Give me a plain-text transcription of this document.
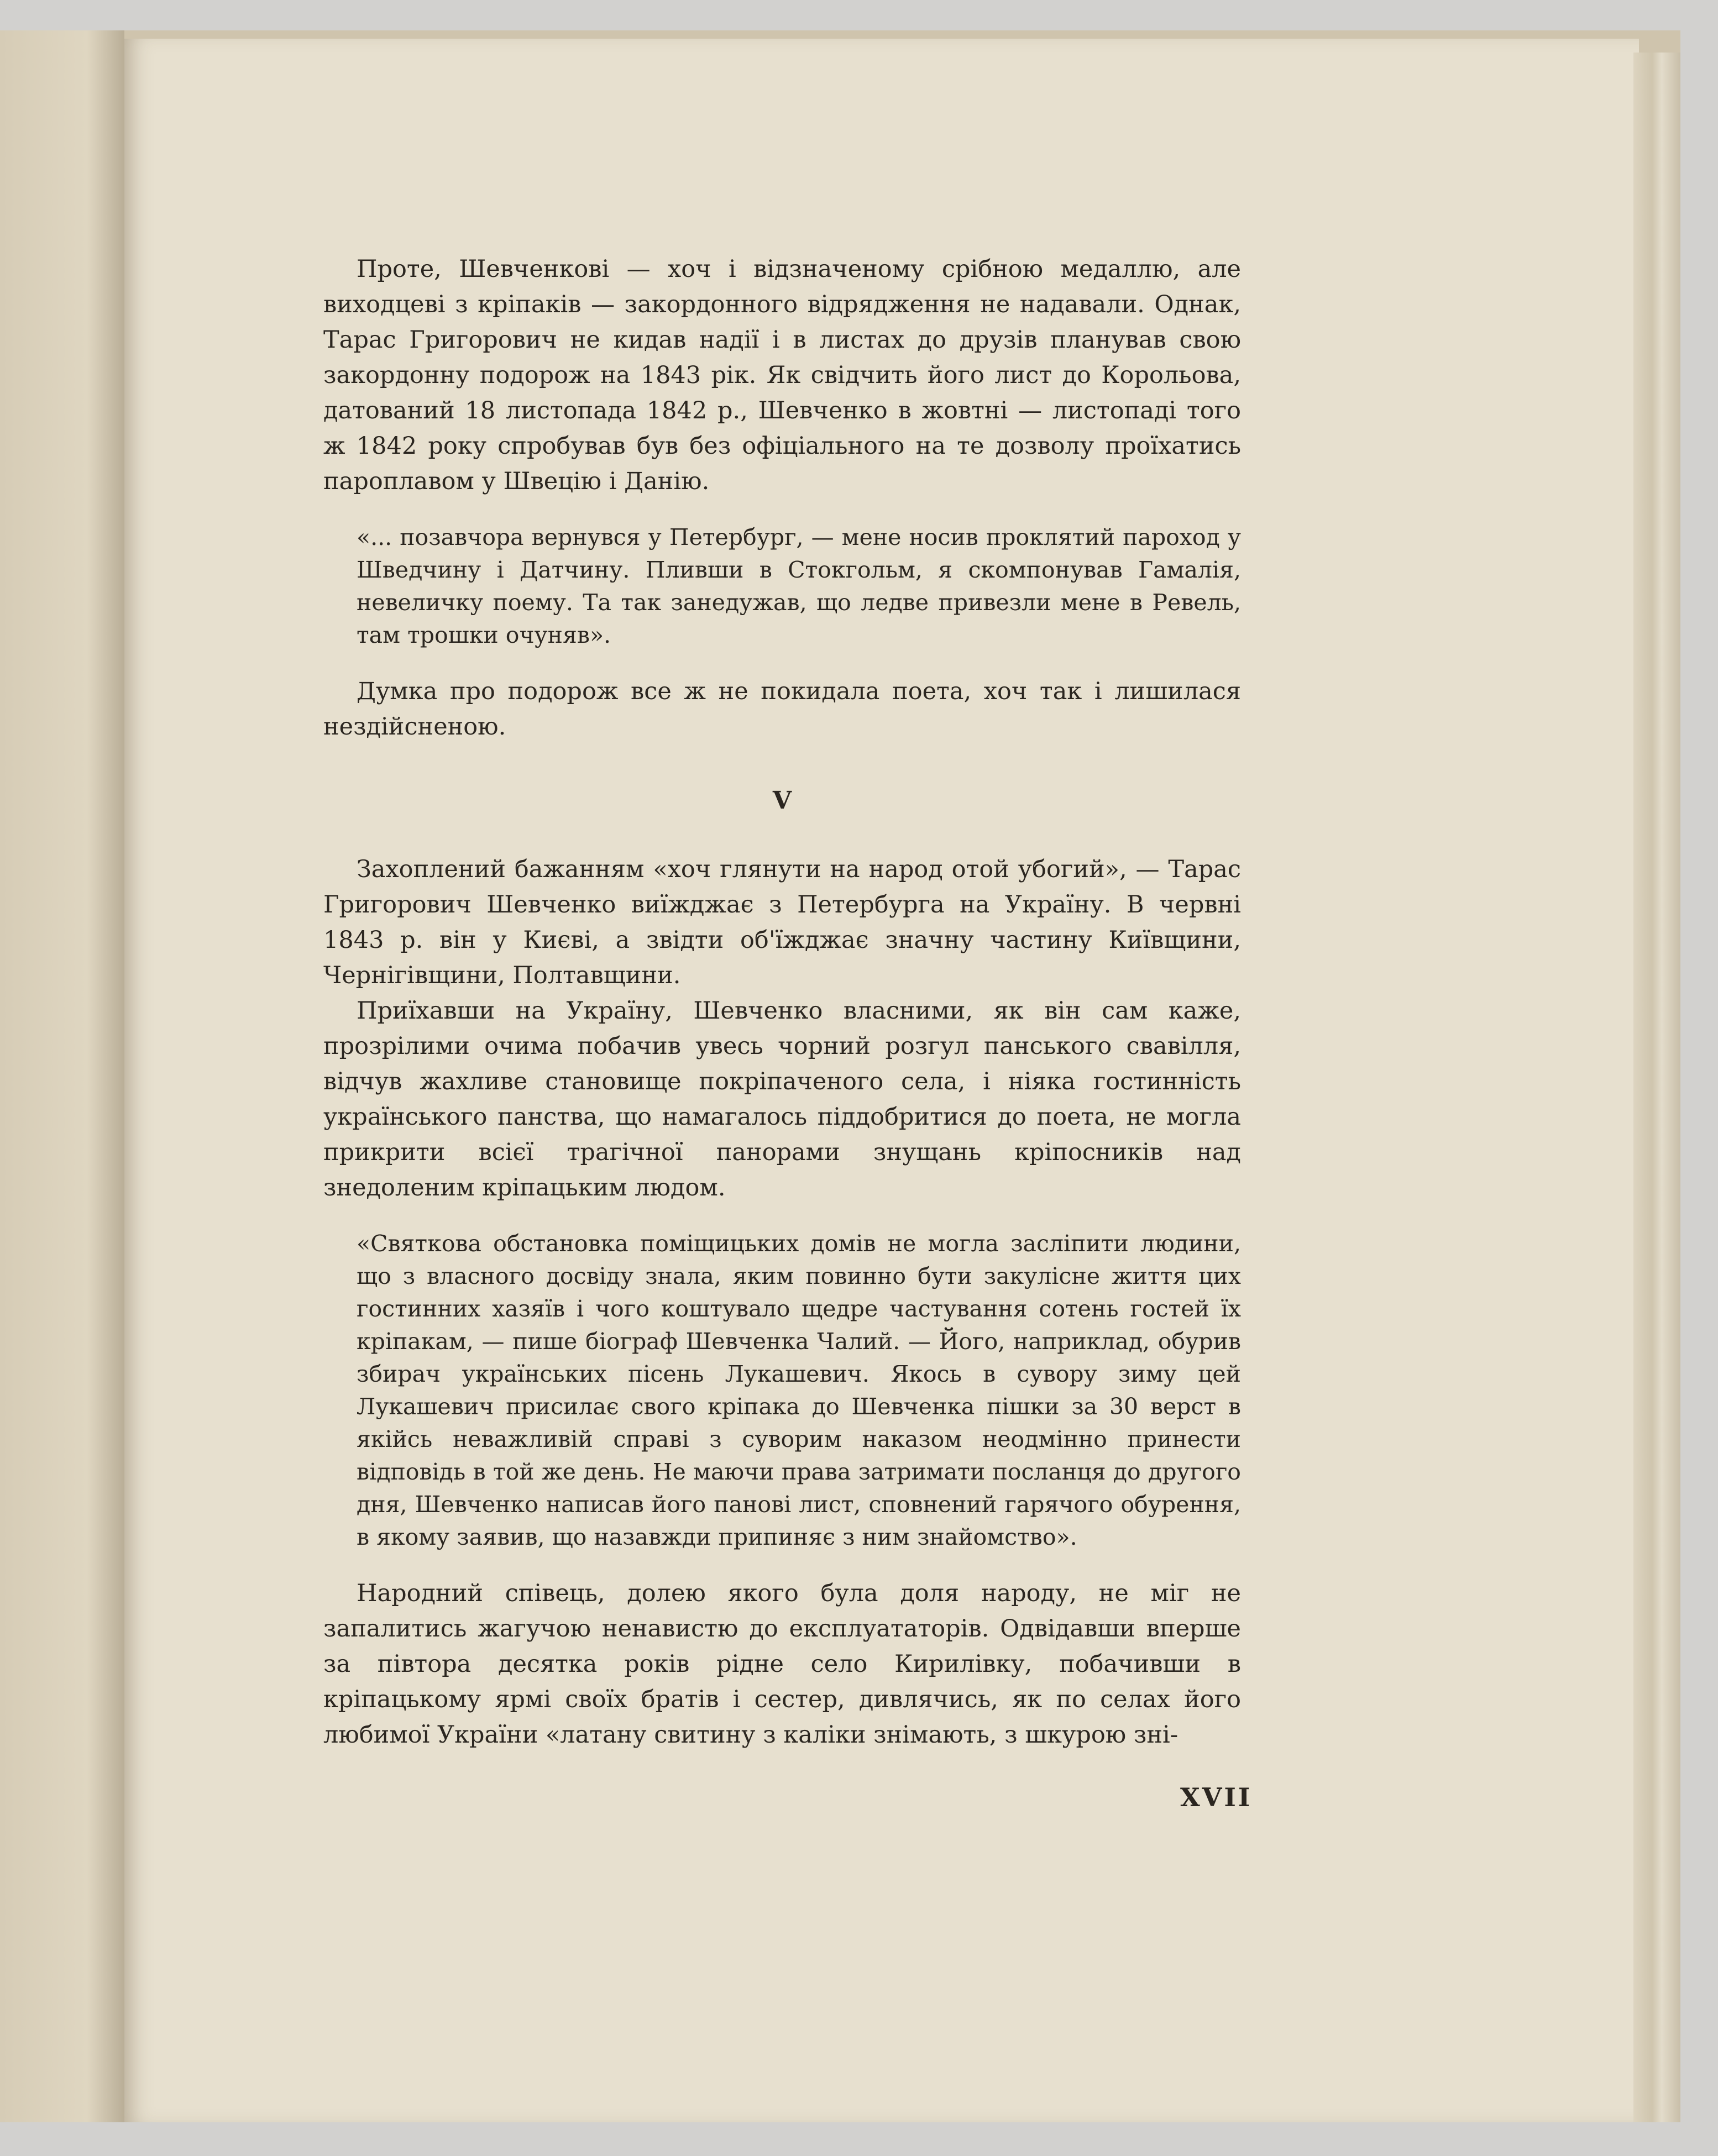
Проте, Шевченкові — хоч і відзначеному срібною медаллю, але виходцеві з кріпаків — закордонного відрядження не надавали. Однак, Тарас Григорович не кидав надії і в листах до друзів планував свою закордонну подорож на 1843 рік. Як свідчить його лист до Корольова, датований 18 листопада 1842 р., Шевченко в жовтні — листопаді того ж 1842 року спробував був без офіціального на те дозволу проїхатись пароплавом у Швецію і Данію.

«... позавчора вернувся у Петербург, — мене носив проклятий пароход у Шведчину і Датчину. Пливши в Стокгольм, я скомпонував Гамалія, невеличку поему. Та так занедужав, що ледве привезли мене в Ревель, там трошки очуняв».

Думка про подорож все ж не покидала поета, хоч так і лишилася нездійсненою.

V

Захоплений бажанням «хоч глянути на народ отой убогий», — Тарас Григорович Шевченко виїжджає з Петербурга на Україну. В червні 1843 р. він у Києві, а звідти об'їжджає значну частину Київщини, Чернігівщини, Полтавщини.

Приїхавши на Україну, Шевченко власними, як він сам каже, прозрілими очима побачив увесь чорний розгул панського свавілля, відчув жахливе становище покріпаченого села, і ніяка гостинність українського панства, що намагалось піддобритися до поета, не могла прикрити всієї трагічної панорами знущань кріпосників над знедоленим кріпацьким людом.

«Святкова обстановка поміщицьких домів не могла засліпити людини, що з власного досвіду знала, яким повинно бути закулісне життя цих гостинних хазяїв і чого коштувало щедре частування сотень гостей їх кріпакам, — пише біограф Шевченка Чалий. — Його, наприклад, обурив збирач українських пісень Лукашевич. Якось в сувору зиму цей Лукашевич присилає свого кріпака до Шевченка пішки за 30 верст в якійсь неважливій справі з суворим наказом неодмінно принести відповідь в той же день. Не маючи права затримати посланця до другого дня, Шевченко написав його панові лист, сповнений гарячого обурення, в якому заявив, що назавжди припиняє з ним знайомство».

Народний співець, долею якого була доля народу, не міг не запалитись жагучою ненавистю до експлуататорів. Одвідавши вперше за півтора десятка років рідне село Кирилівку, побачивши в кріпацькому ярмі своїх братів і сестер, дивлячись, як по селах його любимої України «латану свитину з каліки знімають, з шкурою зні-

XVII
